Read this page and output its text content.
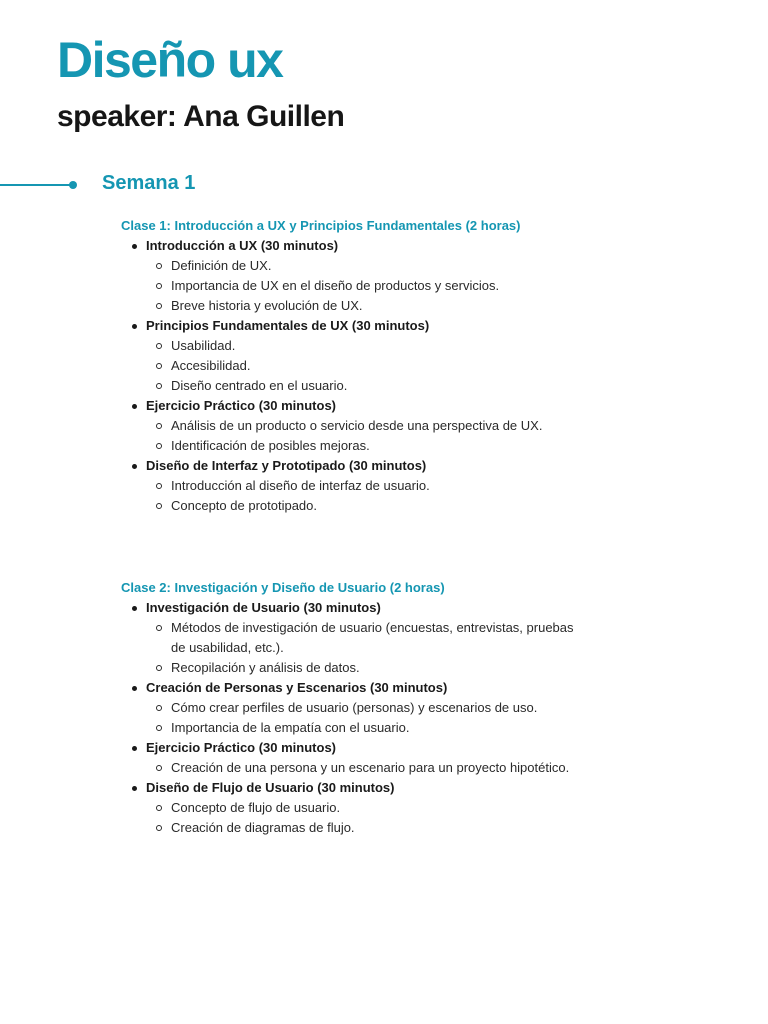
Diseño ux
speaker: Ana Guillen
Semana 1
Clase 1: Introducción a UX y Principios Fundamentales (2 horas)
Introducción a UX (30 minutos)
Definición de UX.
Importancia de UX en el diseño de productos y servicios.
Breve historia y evolución de UX.
Principios Fundamentales de UX (30 minutos)
Usabilidad.
Accesibilidad.
Diseño centrado en el usuario.
Ejercicio Práctico (30 minutos)
Análisis de un producto o servicio desde una perspectiva de UX.
Identificación de posibles mejoras.
Diseño de Interfaz y Prototipado (30 minutos)
Introducción al diseño de interfaz de usuario.
Concepto de prototipado.
Clase 2: Investigación y Diseño de Usuario (2 horas)
Investigación de Usuario (30 minutos)
Métodos de investigación de usuario (encuestas, entrevistas, pruebas de usabilidad, etc.).
Recopilación y análisis de datos.
Creación de Personas y Escenarios (30 minutos)
Cómo crear perfiles de usuario (personas) y escenarios de uso.
Importancia de la empatía con el usuario.
Ejercicio Práctico (30 minutos)
Creación de una persona y un escenario para un proyecto hipotético.
Diseño de Flujo de Usuario (30 minutos)
Concepto de flujo de usuario.
Creación de diagramas de flujo.
